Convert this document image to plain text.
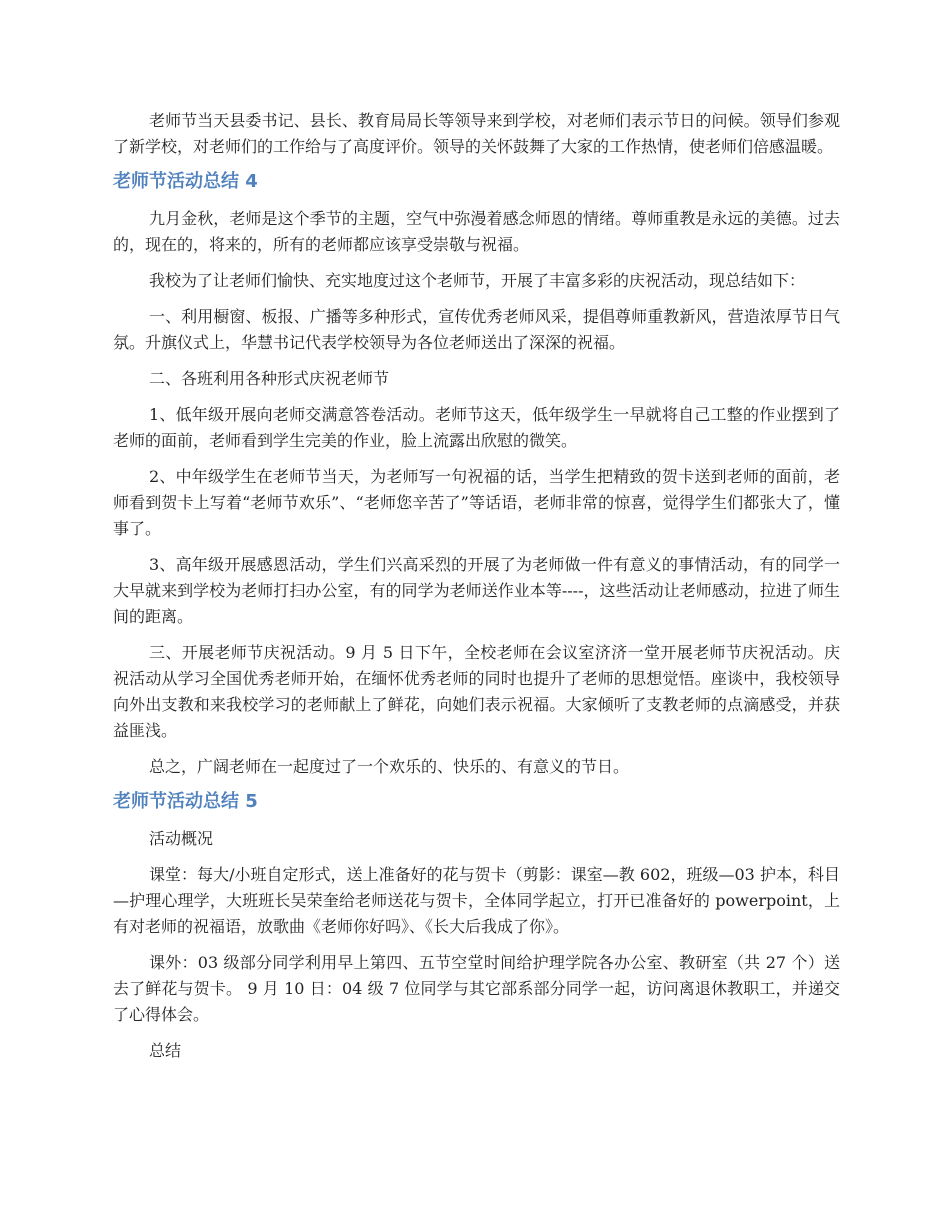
老师节当天县委书记、县长、教育局局长等领导来到学校，对老师们表示节日的问候。领导们参观了新学校，对老师们的工作给与了高度评价。领导的关怀鼓舞了大家的工作热情，使老师们倍感温暖。

老师节活动总结 4

九月金秋，老师是这个季节的主题，空气中弥漫着感念师恩的情绪。尊师重教是永远的美德。过去的，现在的，将来的，所有的老师都应该享受崇敬与祝福。

我校为了让老师们愉快、充实地度过这个老师节，开展了丰富多彩的庆祝活动，现总结如下：

一、利用橱窗、板报、广播等多种形式，宣传优秀老师风采，提倡尊师重教新风，营造浓厚节日气氛。升旗仪式上，华慧书记代表学校领导为各位老师送出了深深的祝福。

二、各班利用各种形式庆祝老师节

1、低年级开展向老师交满意答卷活动。老师节这天，低年级学生一早就将自己工整的作业摆到了老师的面前，老师看到学生完美的作业，脸上流露出欣慰的微笑。

2、中年级学生在老师节当天，为老师写一句祝福的话，当学生把精致的贺卡送到老师的面前，老师看到贺卡上写着“老师节欢乐”、“老师您辛苦了”等话语，老师非常的惊喜，觉得学生们都张大了，懂事了。

3、高年级开展感恩活动，学生们兴高采烈的开展了为老师做一件有意义的事情活动，有的同学一大早就来到学校为老师打扫办公室，有的同学为老师送作业本等----，这些活动让老师感动，拉进了师生间的距离。

三、开展老师节庆祝活动。9 月 5 日下午，全校老师在会议室济济一堂开展老师节庆祝活动。庆祝活动从学习全国优秀老师开始，在缅怀优秀老师的同时也提升了老师的思想觉悟。座谈中，我校领导向外出支教和来我校学习的老师献上了鲜花，向她们表示祝福。大家倾听了支教老师的点滴感受，并获益匪浅。

总之，广阔老师在一起度过了一个欢乐的、快乐的、有意义的节日。

老师节活动总结 5

活动概况

课堂：每大/小班自定形式，送上准备好的花与贺卡（剪影：课室—教 602，班级—03 护本，科目—护理心理学，大班班长吴荣奎给老师送花与贺卡，全体同学起立，打开已准备好的 powerpoint，上有对老师的祝福语，放歌曲《老师你好吗》、《长大后我成了你》。

课外：03 级部分同学利用早上第四、五节空堂时间给护理学院各办公室、教研室（共 27 个）送去了鲜花与贺卡。 9 月 10 日：04 级 7 位同学与其它部系部分同学一起，访问离退休教职工，并递交了心得体会。

总结
